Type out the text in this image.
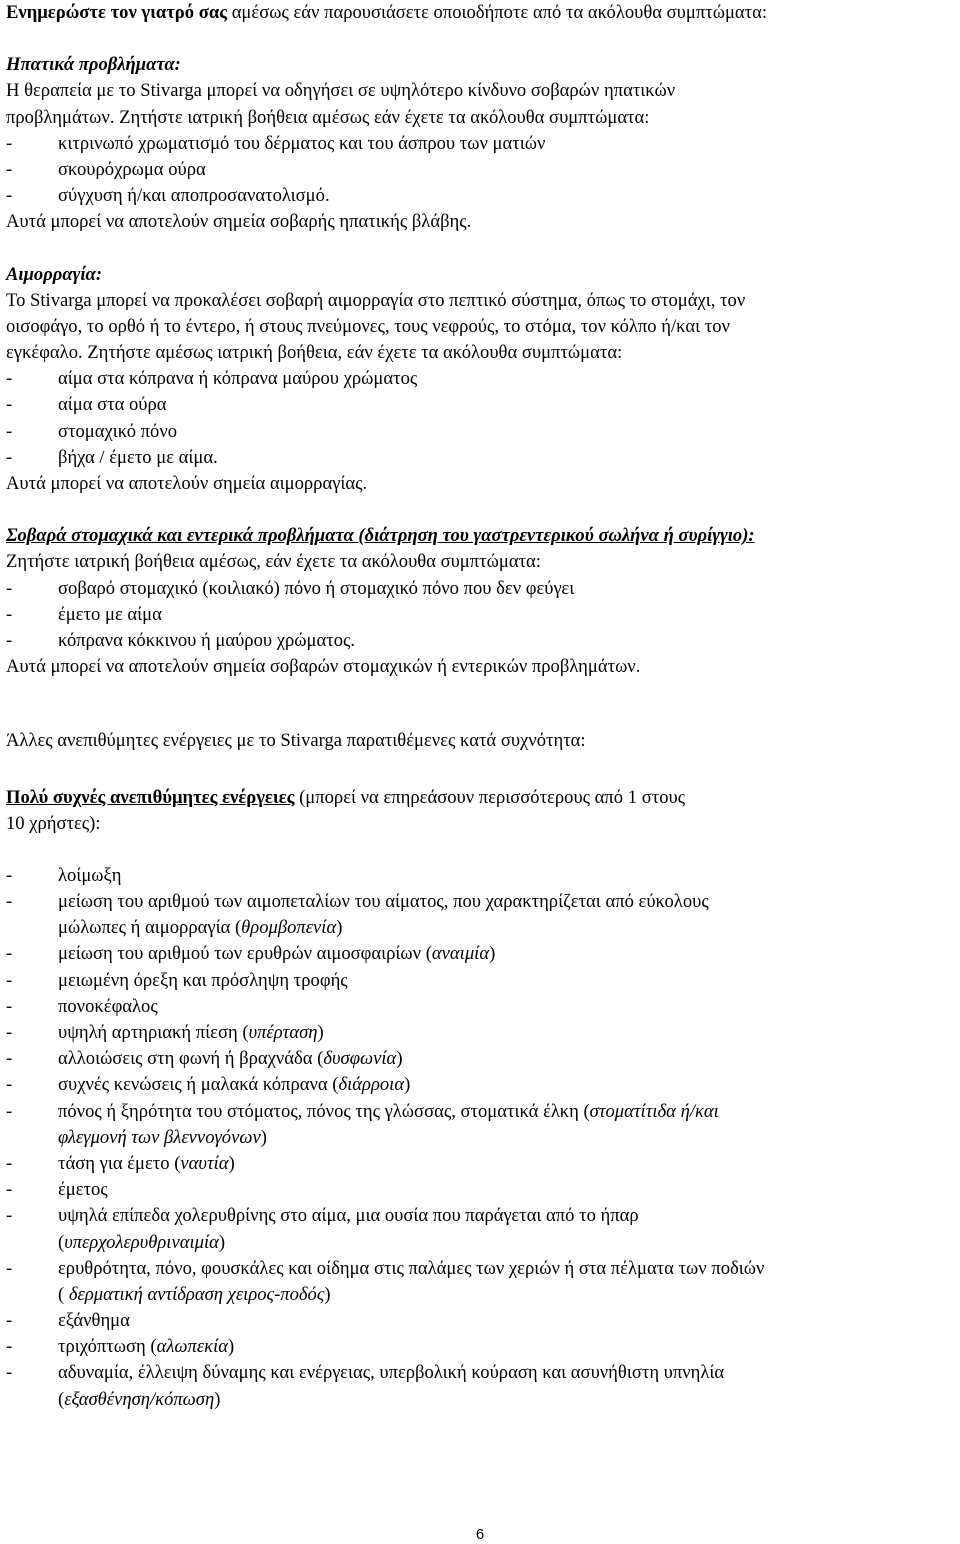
Ενημερώστε τον γιατρό σας αμέσως εάν παρουσιάσετε οποιοδήποτε από τα ακόλουθα συμπτώματα:
Ηπατικά προβλήματα:
Η θεραπεία με το Stivarga μπορεί να οδηγήσει σε υψηλότερο κίνδυνο σοβαρών ηπατικών
προβλημάτων. Ζητήστε ιατρική βοήθεια αμέσως εάν έχετε τα ακόλουθα συμπτώματα:
- κιτρινωπό χρωματισμό του δέρματος και του άσπρου των ματιών
- σκουρόχρωμα ούρα
- σύγχυση ή/και αποπροσανατολισμό.
Αυτά μπορεί να αποτελούν σημεία σοβαρής ηπατικής βλάβης.
Αιμορραγία:
Το Stivarga μπορεί να προκαλέσει σοβαρή αιμορραγία στο πεπτικό σύστημα, όπως το στομάχι, τον
οισοφάγο, το ορθό ή το έντερο, ή στους πνεύμονες, τους νεφρούς, το στόμα, τον κόλπο ή/και τον
εγκέφαλο. Ζητήστε αμέσως ιατρική βοήθεια, εάν έχετε τα ακόλουθα συμπτώματα:
- αίμα στα κόπρανα ή κόπρανα μαύρου χρώματος
- αίμα στα ούρα
- στομαχικό πόνο
- βήχα / έμετο με αίμα.
Αυτά μπορεί να αποτελούν σημεία αιμορραγίας.
Σοβαρά στομαχικά και εντερικά προβλήματα (διάτρηση του γαστρεντερικού σωλήνα ή συρίγγιο):
Ζητήστε ιατρική βοήθεια αμέσως, εάν έχετε τα ακόλουθα συμπτώματα:
- σοβαρό στομαχικό (κοιλιακό) πόνο ή στομαχικό πόνο που δεν φεύγει
- έμετο με αίμα
- κόπρανα κόκκινου ή μαύρου χρώματος.
Αυτά μπορεί να αποτελούν σημεία σοβαρών στομαχικών ή εντερικών προβλημάτων.
Άλλες ανεπιθύμητες ενέργειες με το Stivarga παρατιθέμενες κατά συχνότητα:
Πολύ συχνές ανεπιθύμητες ενέργειες (μπορεί να επηρεάσουν περισσότερους από 1 στους
10 χρήστες):
- λοίμωξη
- μείωση του αριθμού των αιμοπεταλίων του αίματος, που χαρακτηρίζεται από εύκολους
μώλωπες ή αιμορραγία (θρομβοπενία)
- μείωση του αριθμού των ερυθρών αιμοσφαιρίων (αναιμία)
- μειωμένη όρεξη και πρόσληψη τροφής
- πονοκέφαλος
- υψηλή αρτηριακή πίεση (υπέρταση)
- αλλοιώσεις στη φωνή ή βραχνάδα (δυσφωνία)
- συχνές κενώσεις ή μαλακά κόπρανα (διάρροια)
- πόνος ή ξηρότητα του στόματος, πόνος της γλώσσας, στοματικά έλκη (στοματίτιδα ή/και
φλεγμονή των βλεννογόνων)
- τάση για έμετο (ναυτία)
- έμετος
- υψηλά επίπεδα χολερυθρίνης στο αίμα, μια ουσία που παράγεται από το ήπαρ
(υπερχολερυθριναιμία)
- ερυθρότητα, πόνο, φουσκάλες και οίδημα στις παλάμες των χεριών ή στα πέλματα των ποδιών
( δερματική αντίδραση χειρος-ποδός)
- εξάνθημα
- τριχόπτωση (αλωπεκία)
- αδυναμία, έλλειψη δύναμης και ενέργειας, υπερβολική κούραση και ασυνήθιστη υπνηλία
(εξασθένηση/κόπωση)
6
